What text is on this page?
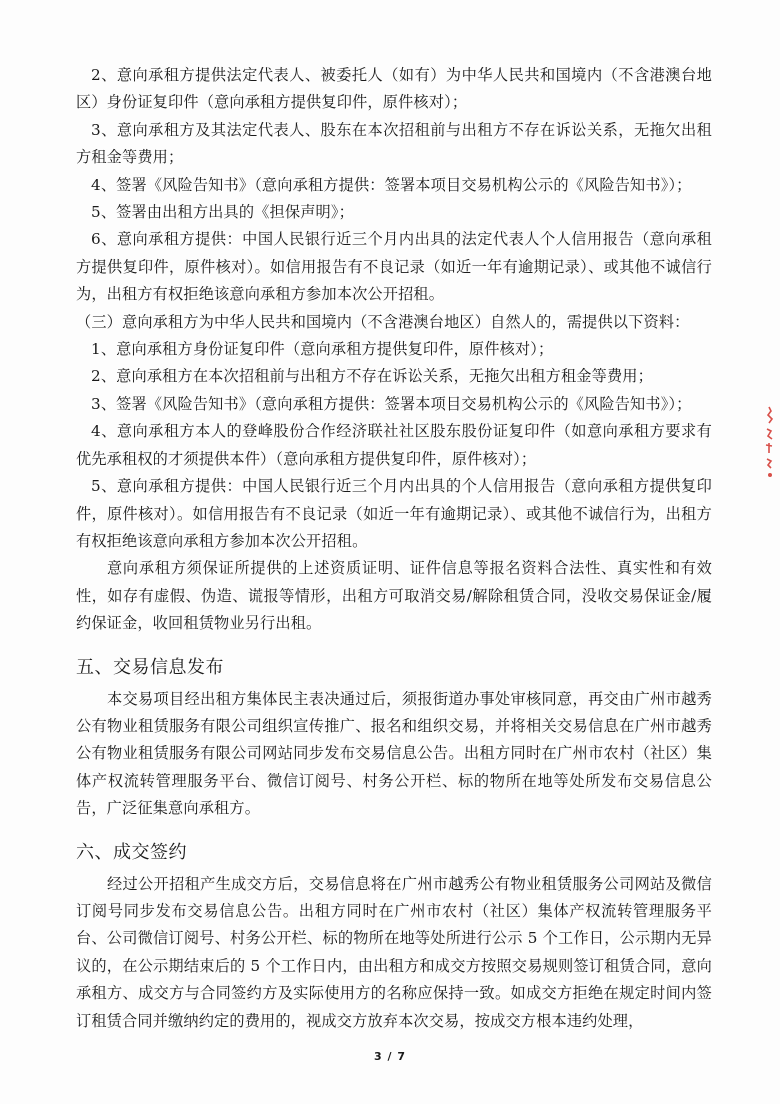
2、意向承租方提供法定代表人、被委托人（如有）为中华人民共和国境内（不含港澳台地区）身份证复印件（意向承租方提供复印件，原件核对）；

3、意向承租方及其法定代表人、股东在本次招租前与出租方不存在诉讼关系，无拖欠出租方租金等费用；

4、签署《风险告知书》（意向承租方提供：签署本项目交易机构公示的《风险告知书》）；

5、签署由出租方出具的《担保声明》；

6、意向承租方提供：中国人民银行近三个月内出具的法定代表人个人信用报告（意向承租方提供复印件，原件核对）。如信用报告有不良记录（如近一年有逾期记录）、或其他不诚信行为，出租方有权拒绝该意向承租方参加本次公开招租。

（三）意向承租方为中华人民共和国境内（不含港澳台地区）自然人的，需提供以下资料：

1、意向承租方身份证复印件（意向承租方提供复印件，原件核对）；

2、意向承租方在本次招租前与出租方不存在诉讼关系，无拖欠出租方租金等费用；

3、签署《风险告知书》（意向承租方提供：签署本项目交易机构公示的《风险告知书》）；

4、意向承租方本人的登峰股份合作经济联社社区股东股份证复印件（如意向承租方要求有优先承租权的才须提供本件）（意向承租方提供复印件，原件核对）；

5、意向承租方提供：中国人民银行近三个月内出具的个人信用报告（意向承租方提供复印件，原件核对）。如信用报告有不良记录（如近一年有逾期记录）、或其他不诚信行为，出租方有权拒绝该意向承租方参加本次公开招租。

意向承租方须保证所提供的上述资质证明、证件信息等报名资料合法性、真实性和有效性，如存有虚假、伪造、谎报等情形，出租方可取消交易/解除租赁合同，没收交易保证金/履约保证金，收回租赁物业另行出租。

五、交易信息发布

本交易项目经出租方集体民主表决通过后，须报街道办事处审核同意，再交由广州市越秀公有物业租赁服务有限公司组织宣传推广、报名和组织交易，并将相关交易信息在广州市越秀公有物业租赁服务有限公司网站同步发布交易信息公告。出租方同时在广州市农村（社区）集体产权流转管理服务平台、微信订阅号、村务公开栏、标的物所在地等处所发布交易信息公告，广泛征集意向承租方。

六、成交签约

经过公开招租产生成交方后，交易信息将在广州市越秀公有物业租赁服务公司网站及微信订阅号同步发布交易信息公告。出租方同时在广州市农村（社区）集体产权流转管理服务平台、公司微信订阅号、村务公开栏、标的物所在地等处所进行公示 5 个工作日，公示期内无异议的，在公示期结束后的 5 个工作日内，由出租方和成交方按照交易规则签订租赁合同，意向承租方、成交方与合同签约方及实际使用方的名称应保持一致。如成交方拒绝在规定时间内签订租赁合同并缴纳约定的费用的，视成交方放弃本次交易，按成交方根本违约处理，

3 / 7
